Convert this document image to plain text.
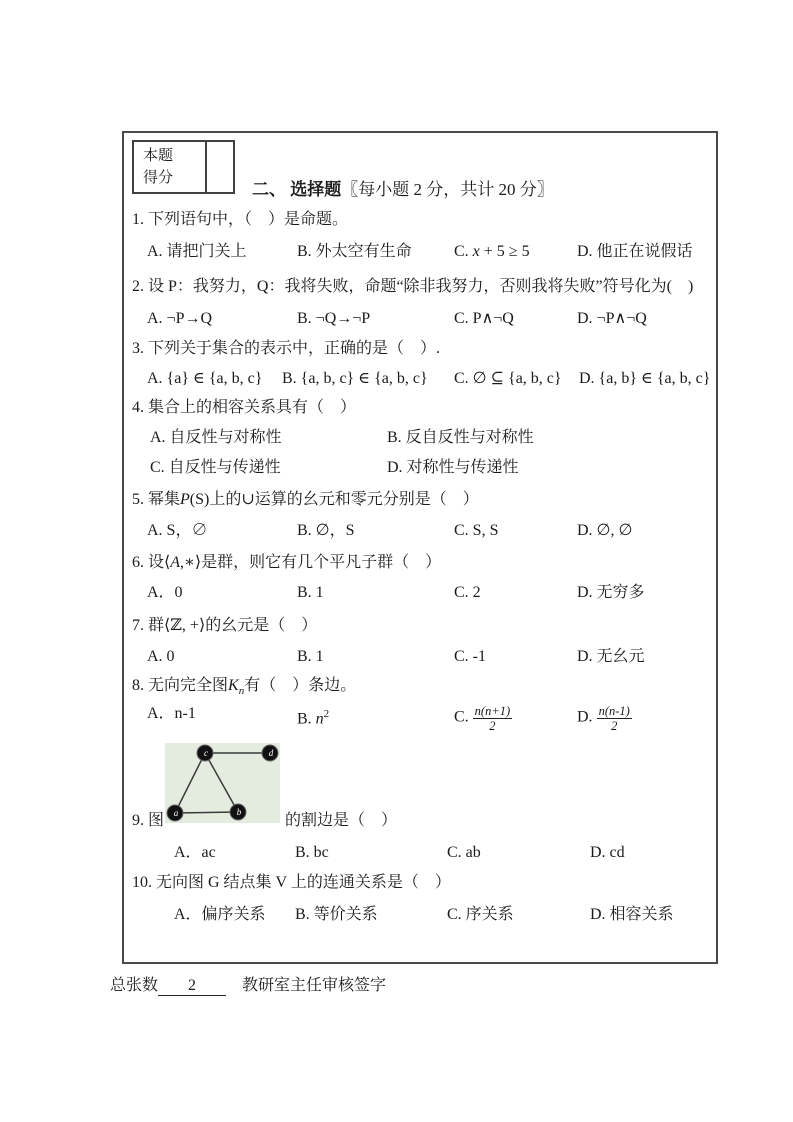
本题
得分
二、 选择题〖每小题 2 分，共计 20 分〗
1. 下列语句中，（　）是命题。
A. 请把门关上	B. 外太空有生命	C. x + 5 ≥ 5	D. 他正在说假话
2. 设 P：我努力，Q：我将失败，命题“除非我努力，否则我将失败”符号化为(　)
A. ¬P→Q	B. ¬Q→¬P	C. P∧¬Q	D. ¬P∧¬Q
3. 下列关于集合的表示中，正确的是（　）.
A. {a} ∈ {a, b, c}	B. {a, b, c} ∈ {a, b, c}	C. ∅ ⊆ {a, b, c}	D. {a, b} ∈ {a, b, c}
4. 集合上的相容关系具有（　）
A. 自反性与对称性	B. 反自反性与对称性
C. 自反性与传递性	D. 对称性与传递性
5. 幂集P(S)上的∪运算的幺元和零元分别是（　）
A. S，∅	B. ∅，S	C. S, S	D. ∅, ∅
6. 设⟨A,∗⟩是群，则它有几个平凡子群（　）
A．0	B. 1	C. 2	D. 无穷多
7. 群⟨ℤ, +⟩的幺元是（　）
A. 0	B. 1	C. -1	D. 无幺元
8. 无向完全图$K_n$有（　）条边。
A．n-1	B. $n^2$	C. $\frac{n(n+1)}{2}$	D. $\frac{n(n-1)}{2}$
c	d
a	b
9. 图	的割边是（　）
A．ac	B. bc	C. ab	D. cd
10. 无向图 G 结点集 V 上的连通关系是（　）
A．偏序关系	B. 等价关系	C. 序关系	D. 相容关系
总张数 2	教研室主任审核签字
